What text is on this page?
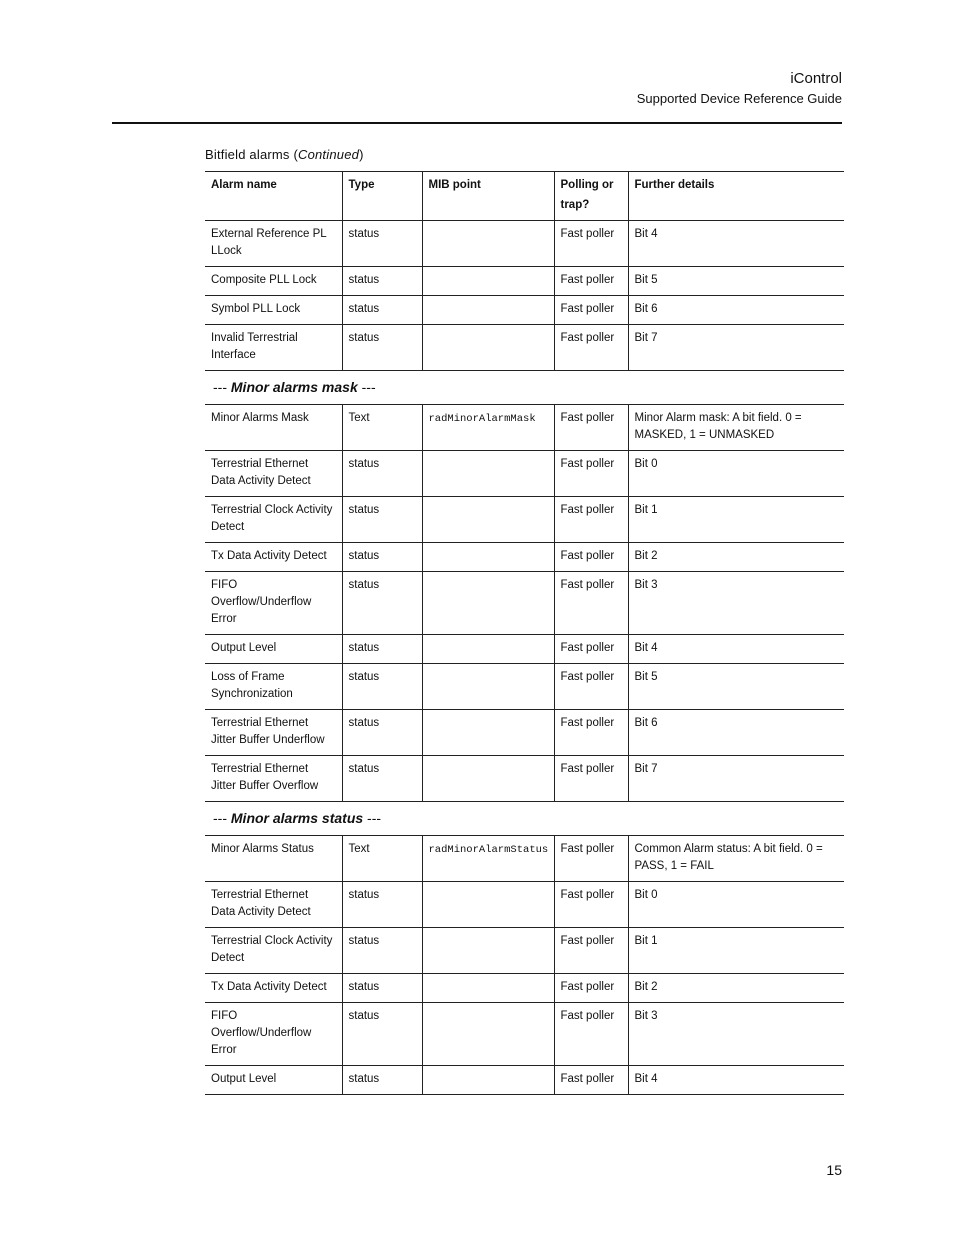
iControl
Supported Device Reference Guide
Bitfield alarms (Continued)
Alarm name	Type	MIB point	Polling or trap?	Further details
External Reference PL LLock	status		Fast poller	Bit 4
Composite PLL Lock	status		Fast poller	Bit 5
Symbol PLL Lock	status		Fast poller	Bit 6
Invalid Terrestrial Interface	status		Fast poller	Bit 7
--- Minor alarms mask ---				
Minor Alarms Mask	Text	radMinorAlarmMask	Fast poller	Minor Alarm mask: A bit field. 0 = MASKED, 1 = UNMASKED
Terrestrial Ethernet Data Activity Detect	status		Fast poller	Bit 0
Terrestrial Clock Activity Detect	status		Fast poller	Bit 1
Tx Data Activity Detect	status		Fast poller	Bit 2
FIFO Overflow/Underflow Error	status		Fast poller	Bit 3
Output Level	status		Fast poller	Bit 4
Loss of Frame Synchronization	status		Fast poller	Bit 5
Terrestrial Ethernet Jitter Buffer Underflow	status		Fast poller	Bit 6
Terrestrial Ethernet Jitter Buffer Overflow	status		Fast poller	Bit 7
--- Minor alarms status ---				
Minor Alarms Status	Text	radMinorAlarmStatus	Fast poller	Common Alarm status: A bit field. 0 = PASS, 1 = FAIL
Terrestrial Ethernet Data Activity Detect	status		Fast poller	Bit 0
Terrestrial Clock Activity Detect	status		Fast poller	Bit 1
Tx Data Activity Detect	status		Fast poller	Bit 2
FIFO Overflow/Underflow Error	status		Fast poller	Bit 3
Output Level	status		Fast poller	Bit 4
15
